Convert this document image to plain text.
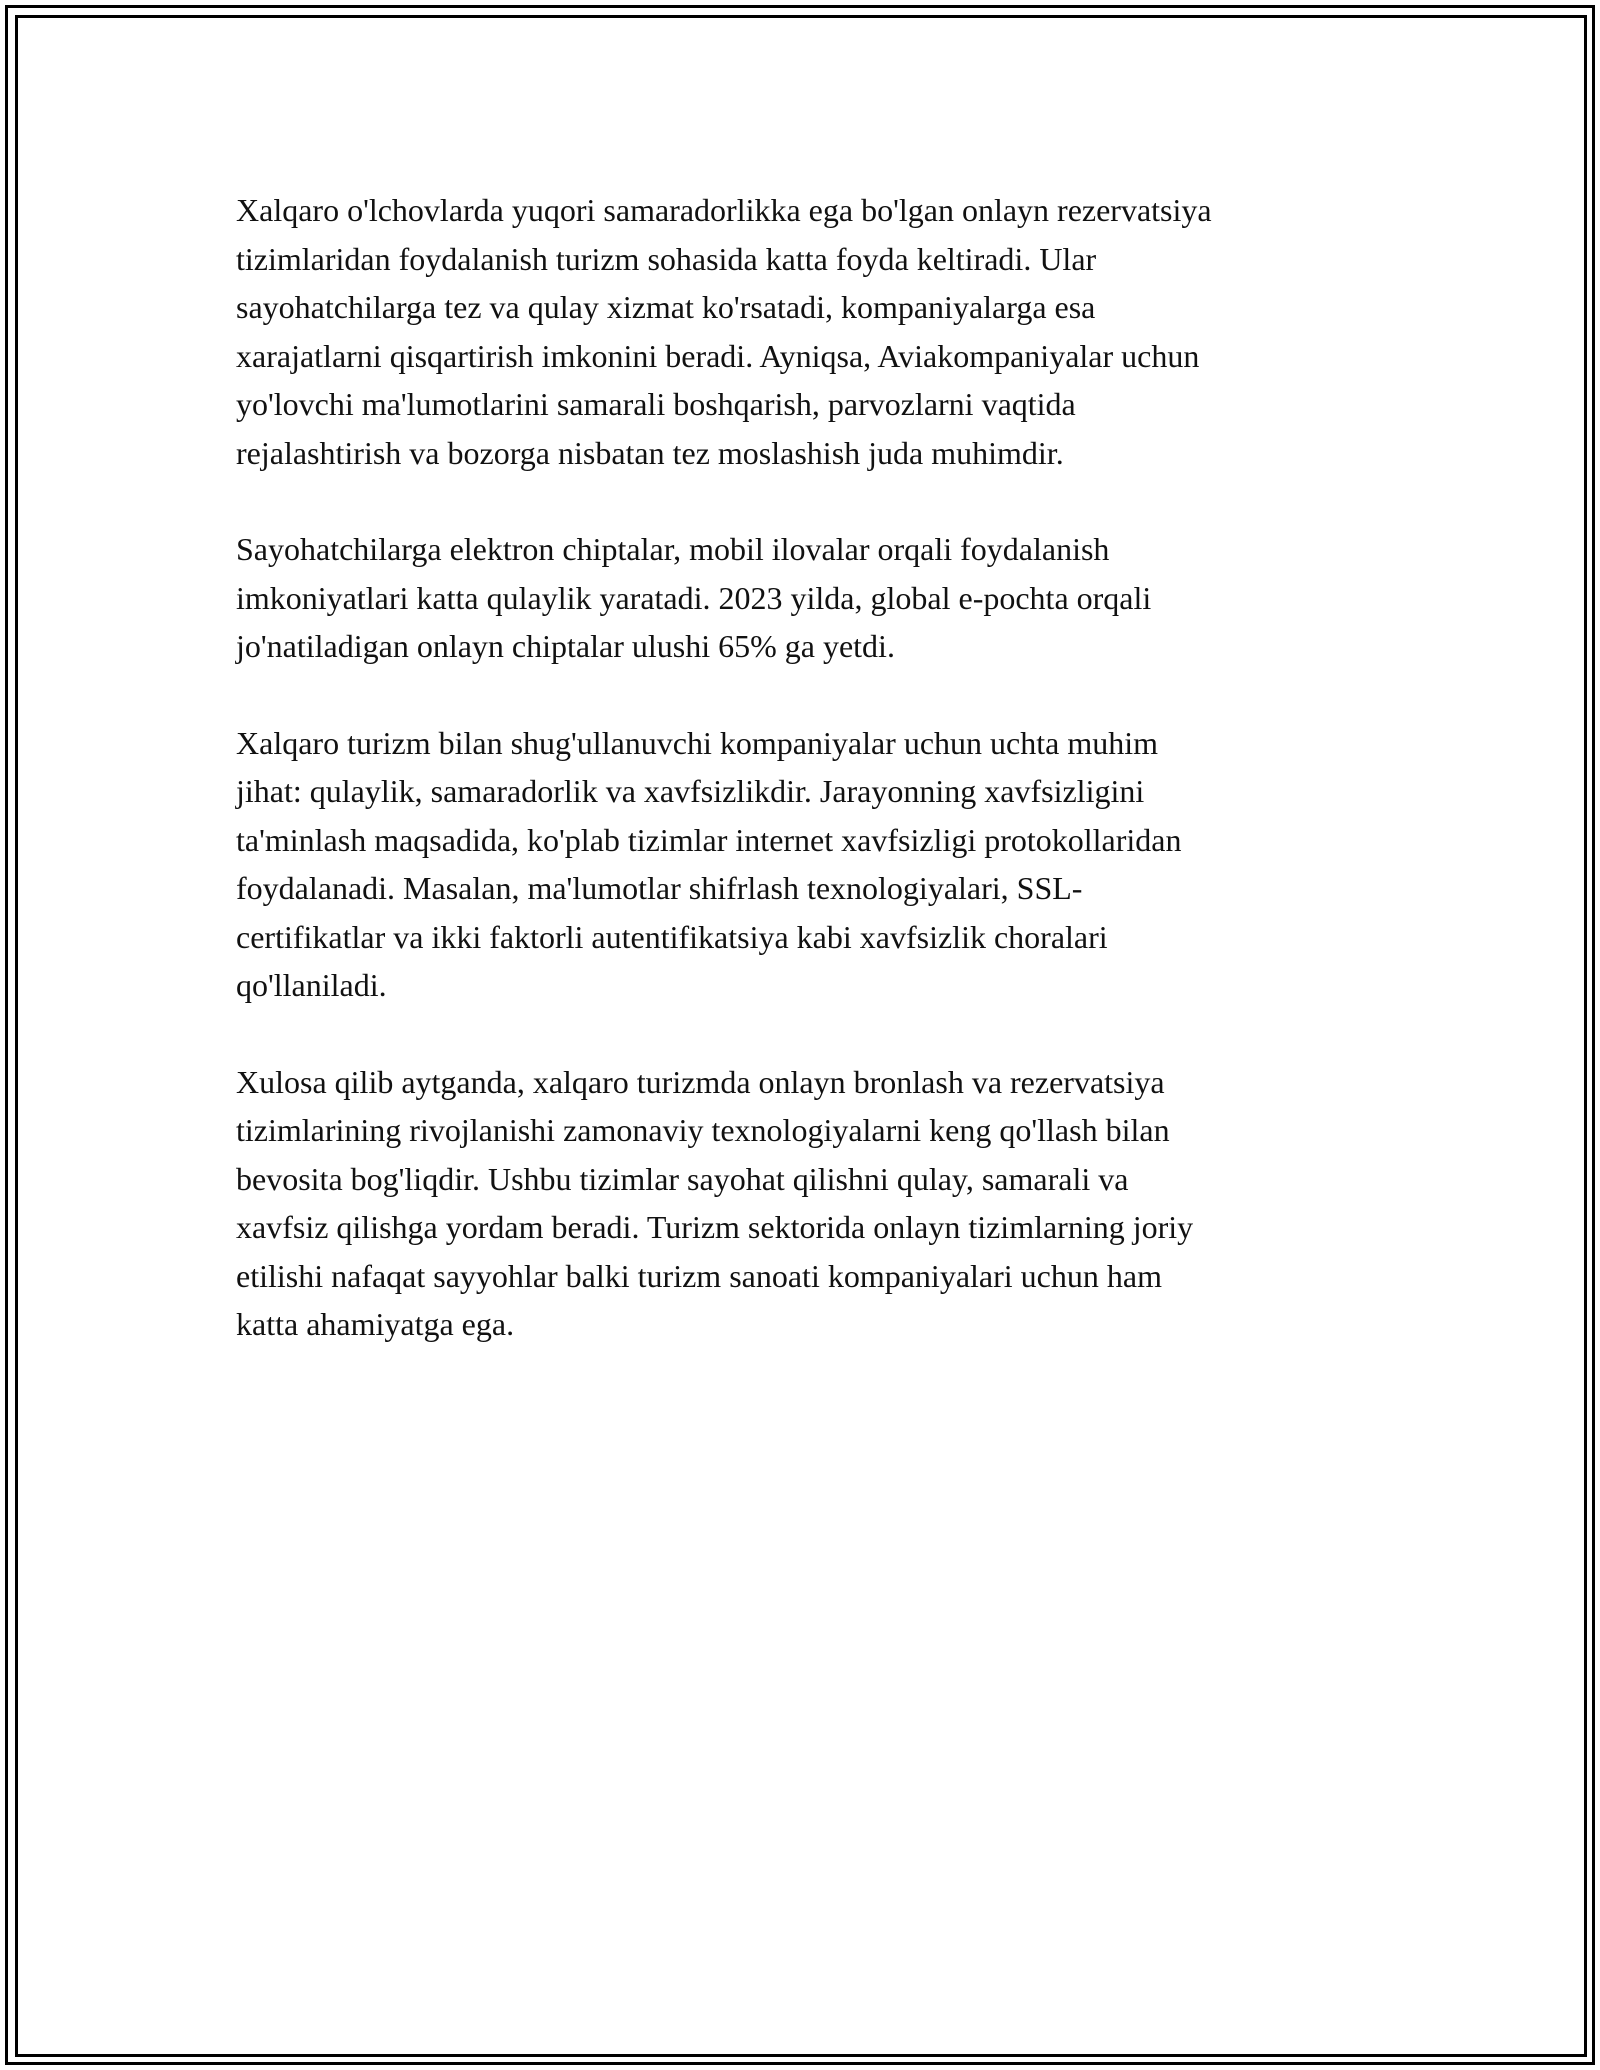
Xalqaro o'lchovlarda yuqori samaradorlikka ega bo'lgan onlayn rezervatsiya
tizimlaridan foydalanish turizm sohasida katta foyda keltiradi. Ular
sayohatchilarga tez va qulay xizmat ko'rsatadi, kompaniyalarga esa
xarajatlarni qisqartirish imkonini beradi. Ayniqsa, Aviakompaniyalar uchun
yo'lovchi ma'lumotlarini samarali boshqarish, parvozlarni vaqtida
rejalashtirish va bozorga nisbatan tez moslashish juda muhimdir.

Sayohatchilarga elektron chiptalar, mobil ilovalar orqali foydalanish
imkoniyatlari katta qulaylik yaratadi. 2023 yilda, global e-pochta orqali
jo'natiladigan onlayn chiptalar ulushi 65% ga yetdi.

Xalqaro turizm bilan shug'ullanuvchi kompaniyalar uchun uchta muhim
jihat: qulaylik, samaradorlik va xavfsizlikdir. Jarayonning xavfsizligini
ta'minlash maqsadida, ko'plab tizimlar internet xavfsizligi protokollaridan
foydalanadi. Masalan, ma'lumotlar shifrlash texnologiyalari, SSL-
certifikatlar va ikki faktorli autentifikatsiya kabi xavfsizlik choralari
qo'llaniladi.

Xulosa qilib aytganda, xalqaro turizmda onlayn bronlash va rezervatsiya
tizimlarining rivojlanishi zamonaviy texnologiyalarni keng qo'llash bilan
bevosita bog'liqdir. Ushbu tizimlar sayohat qilishni qulay, samarali va
xavfsiz qilishga yordam beradi. Turizm sektorida onlayn tizimlarning joriy
etilishi nafaqat sayyohlar balki turizm sanoati kompaniyalari uchun ham
katta ahamiyatga ega.
